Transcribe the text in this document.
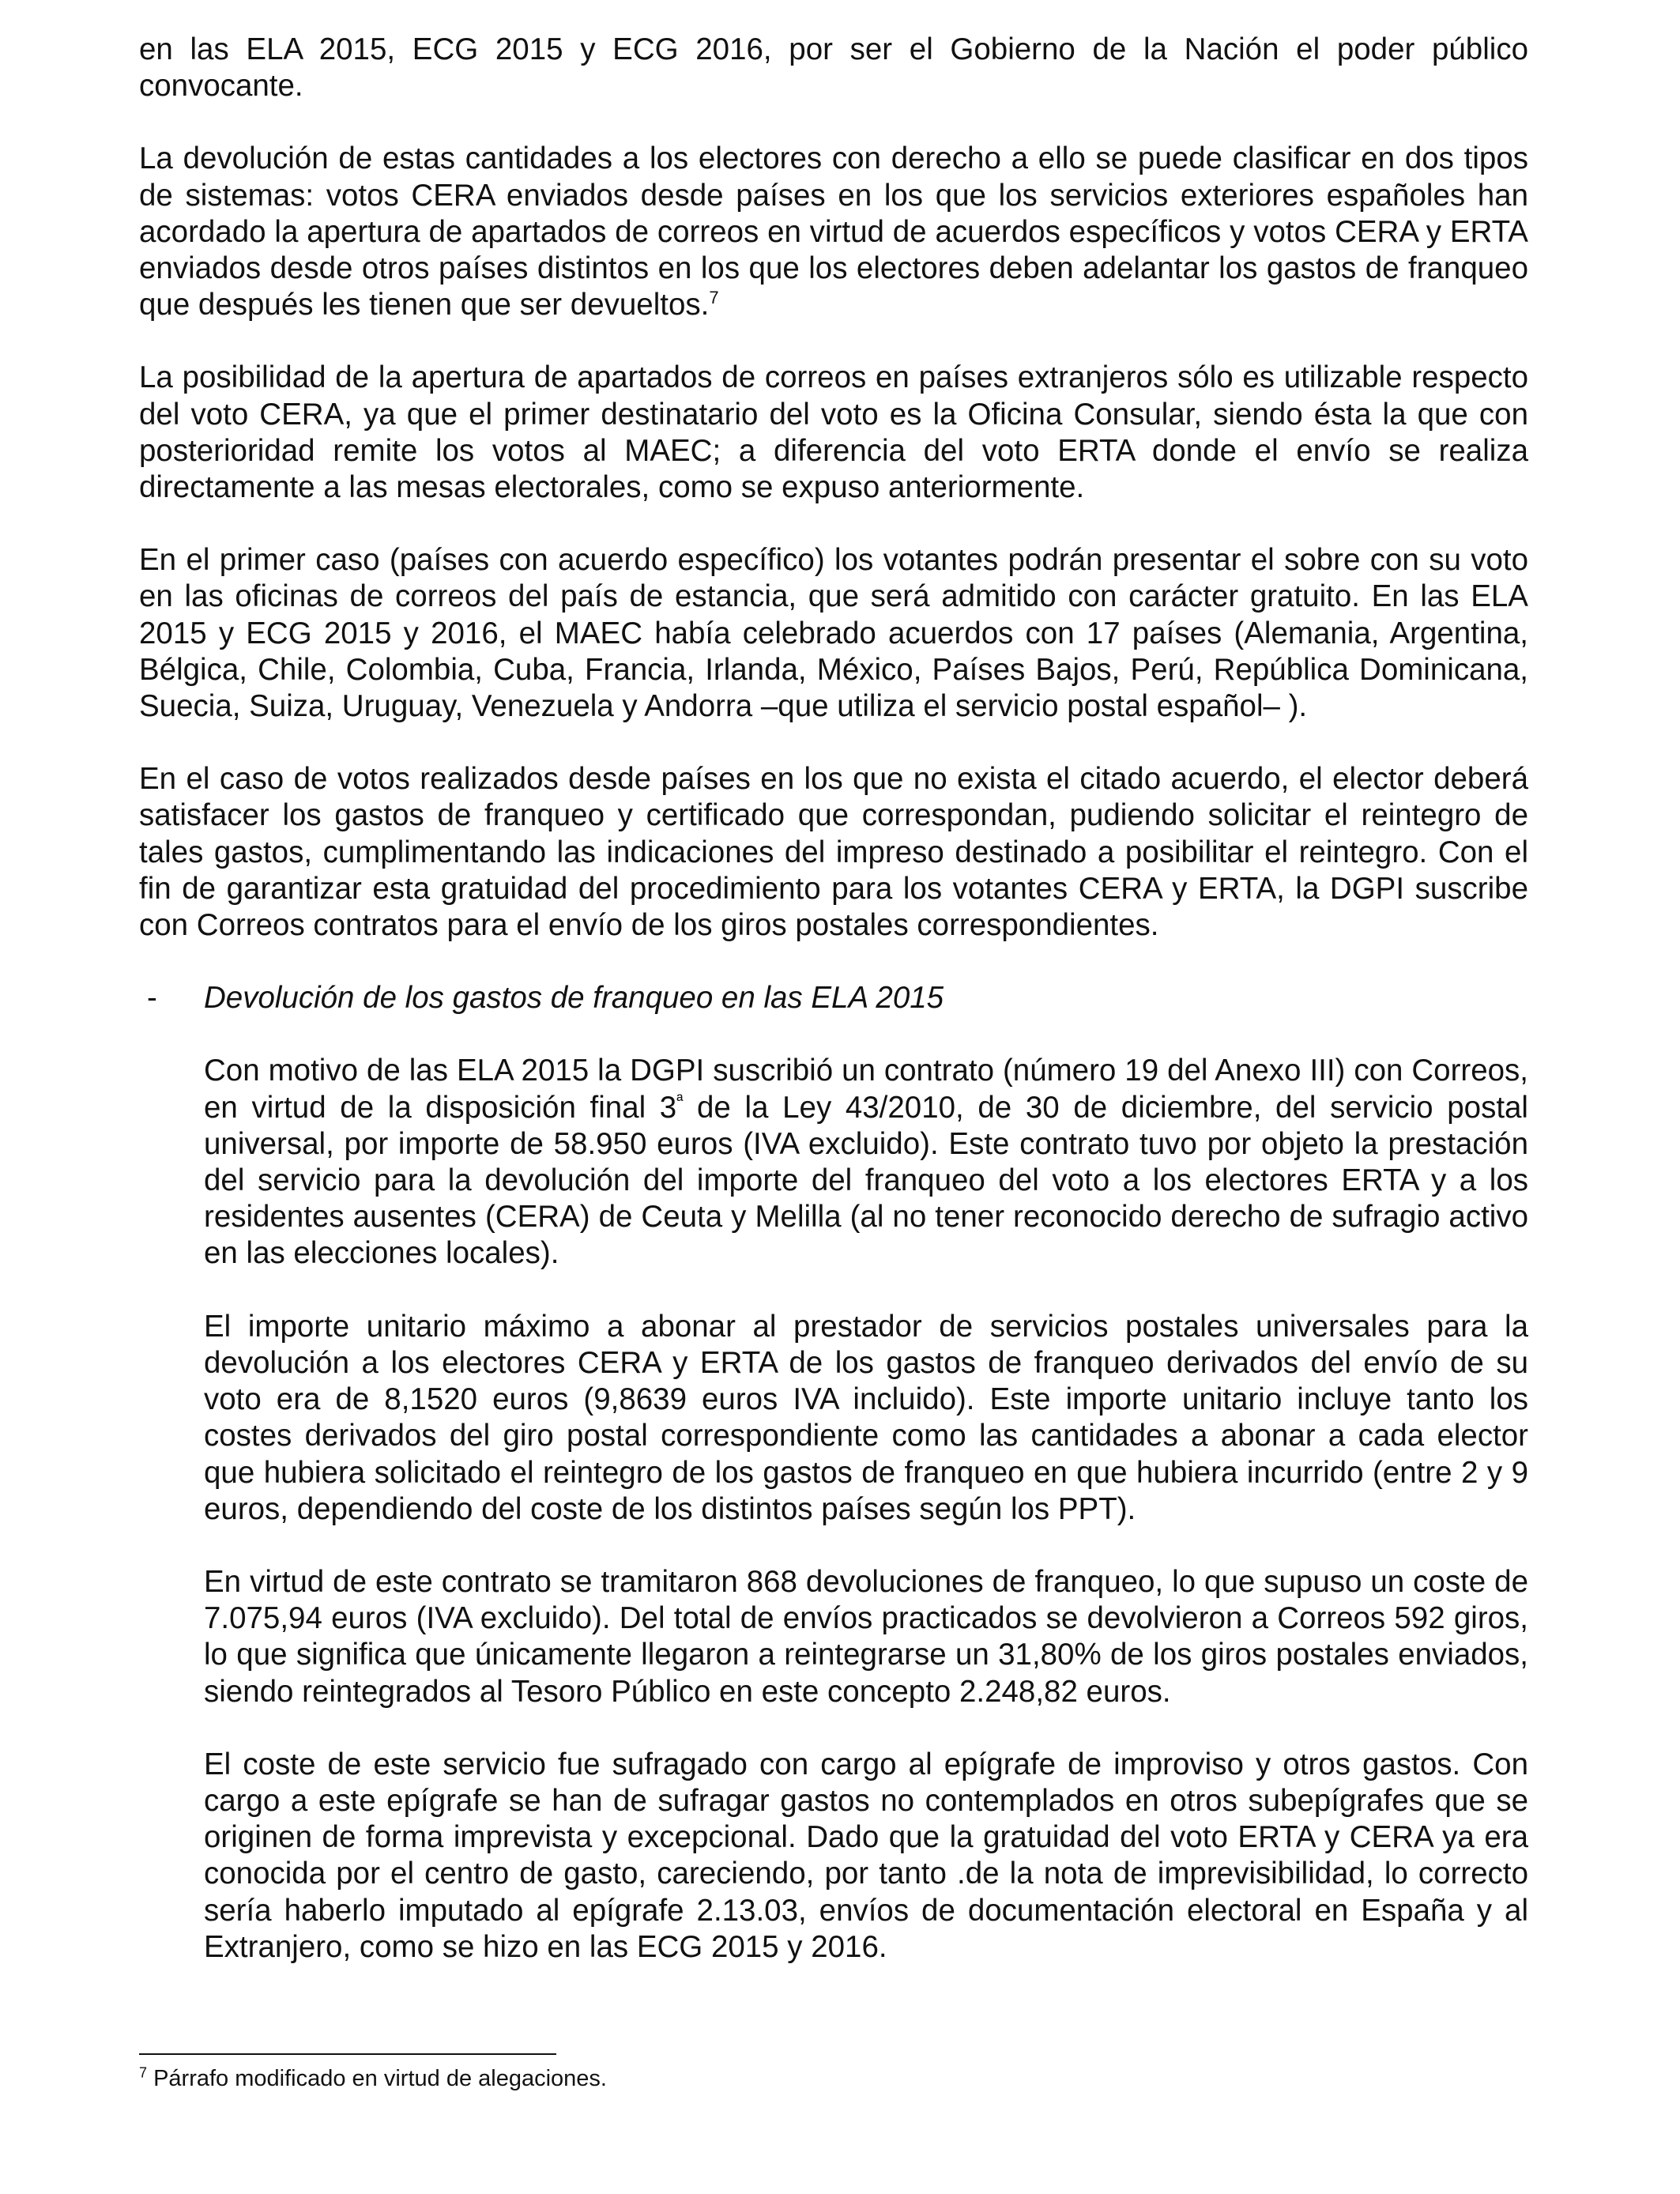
en las ELA 2015, ECG 2015 y ECG 2016, por ser el Gobierno de la Nación el poder público convocante.

La devolución de estas cantidades a los electores con derecho a ello se puede clasificar en dos tipos de sistemas: votos CERA enviados desde países en los que los servicios exteriores españoles han acordado la apertura de apartados de correos en virtud de acuerdos específicos y votos CERA y ERTA enviados desde otros países distintos en los que los electores deben adelantar los gastos de franqueo que después les tienen que ser devueltos.$^7$

La posibilidad de la apertura de apartados de correos en países extranjeros sólo es utilizable respecto del voto CERA, ya que el primer destinatario del voto es la Oficina Consular, siendo ésta la que con posterioridad remite los votos al MAEC; a diferencia del voto ERTA donde el envío se realiza directamente a las mesas electorales, como se expuso anteriormente.

En el primer caso (países con acuerdo específico) los votantes podrán presentar el sobre con su voto en las oficinas de correos del país de estancia, que será admitido con carácter gratuito. En las ELA 2015 y ECG 2015 y 2016, el MAEC había celebrado acuerdos con 17 países (Alemania, Argentina, Bélgica, Chile, Colombia, Cuba, Francia, Irlanda, México, Países Bajos, Perú, República Dominicana, Suecia, Suiza, Uruguay, Venezuela y Andorra –que utiliza el servicio postal español– ).

En el caso de votos realizados desde países en los que no exista el citado acuerdo, el elector deberá satisfacer los gastos de franqueo y certificado que correspondan, pudiendo solicitar el reintegro de tales gastos, cumplimentando las indicaciones del impreso destinado a posibilitar el reintegro. Con el fin de garantizar esta gratuidad del procedimiento para los votantes CERA y ERTA, la DGPI suscribe con Correos contratos para el envío de los giros postales correspondientes.

- Devolución de los gastos de franqueo en las ELA 2015

Con motivo de las ELA 2015 la DGPI suscribió un contrato (número 19 del Anexo III) con Correos, en virtud de la disposición final $3^ª$ de la Ley 43/2010, de 30 de diciembre, del servicio postal universal, por importe de 58.950 euros (IVA excluido). Este contrato tuvo por objeto la prestación del servicio para la devolución del importe del franqueo del voto a los electores ERTA y a los residentes ausentes (CERA) de Ceuta y Melilla (al no tener reconocido derecho de sufragio activo en las elecciones locales).

El importe unitario máximo a abonar al prestador de servicios postales universales para la devolución a los electores CERA y ERTA de los gastos de franqueo derivados del envío de su voto era de 8,1520 euros (9,8639 euros IVA incluido). Este importe unitario incluye tanto los costes derivados del giro postal correspondiente como las cantidades a abonar a cada elector que hubiera solicitado el reintegro de los gastos de franqueo en que hubiera incurrido (entre 2 y 9 euros, dependiendo del coste de los distintos países según los PPT).

En virtud de este contrato se tramitaron 868 devoluciones de franqueo, lo que supuso un coste de 7.075,94 euros (IVA excluido). Del total de envíos practicados se devolvieron a Correos 592 giros, lo que significa que únicamente llegaron a reintegrarse un 31,80% de los giros postales enviados, siendo reintegrados al Tesoro Público en este concepto 2.248,82 euros.

El coste de este servicio fue sufragado con cargo al epígrafe de improviso y otros gastos. Con cargo a este epígrafe se han de sufragar gastos no contemplados en otros subepígrafes que se originen de forma imprevista y excepcional. Dado que la gratuidad del voto ERTA y CERA ya era conocida por el centro de gasto, careciendo, por tanto .de la nota de imprevisibilidad, lo correcto sería haberlo imputado al epígrafe 2.13.03, envíos de documentación electoral en España y al Extranjero, como se hizo en las ECG 2015 y 2016.

$^7$ Párrafo modificado en virtud de alegaciones.
